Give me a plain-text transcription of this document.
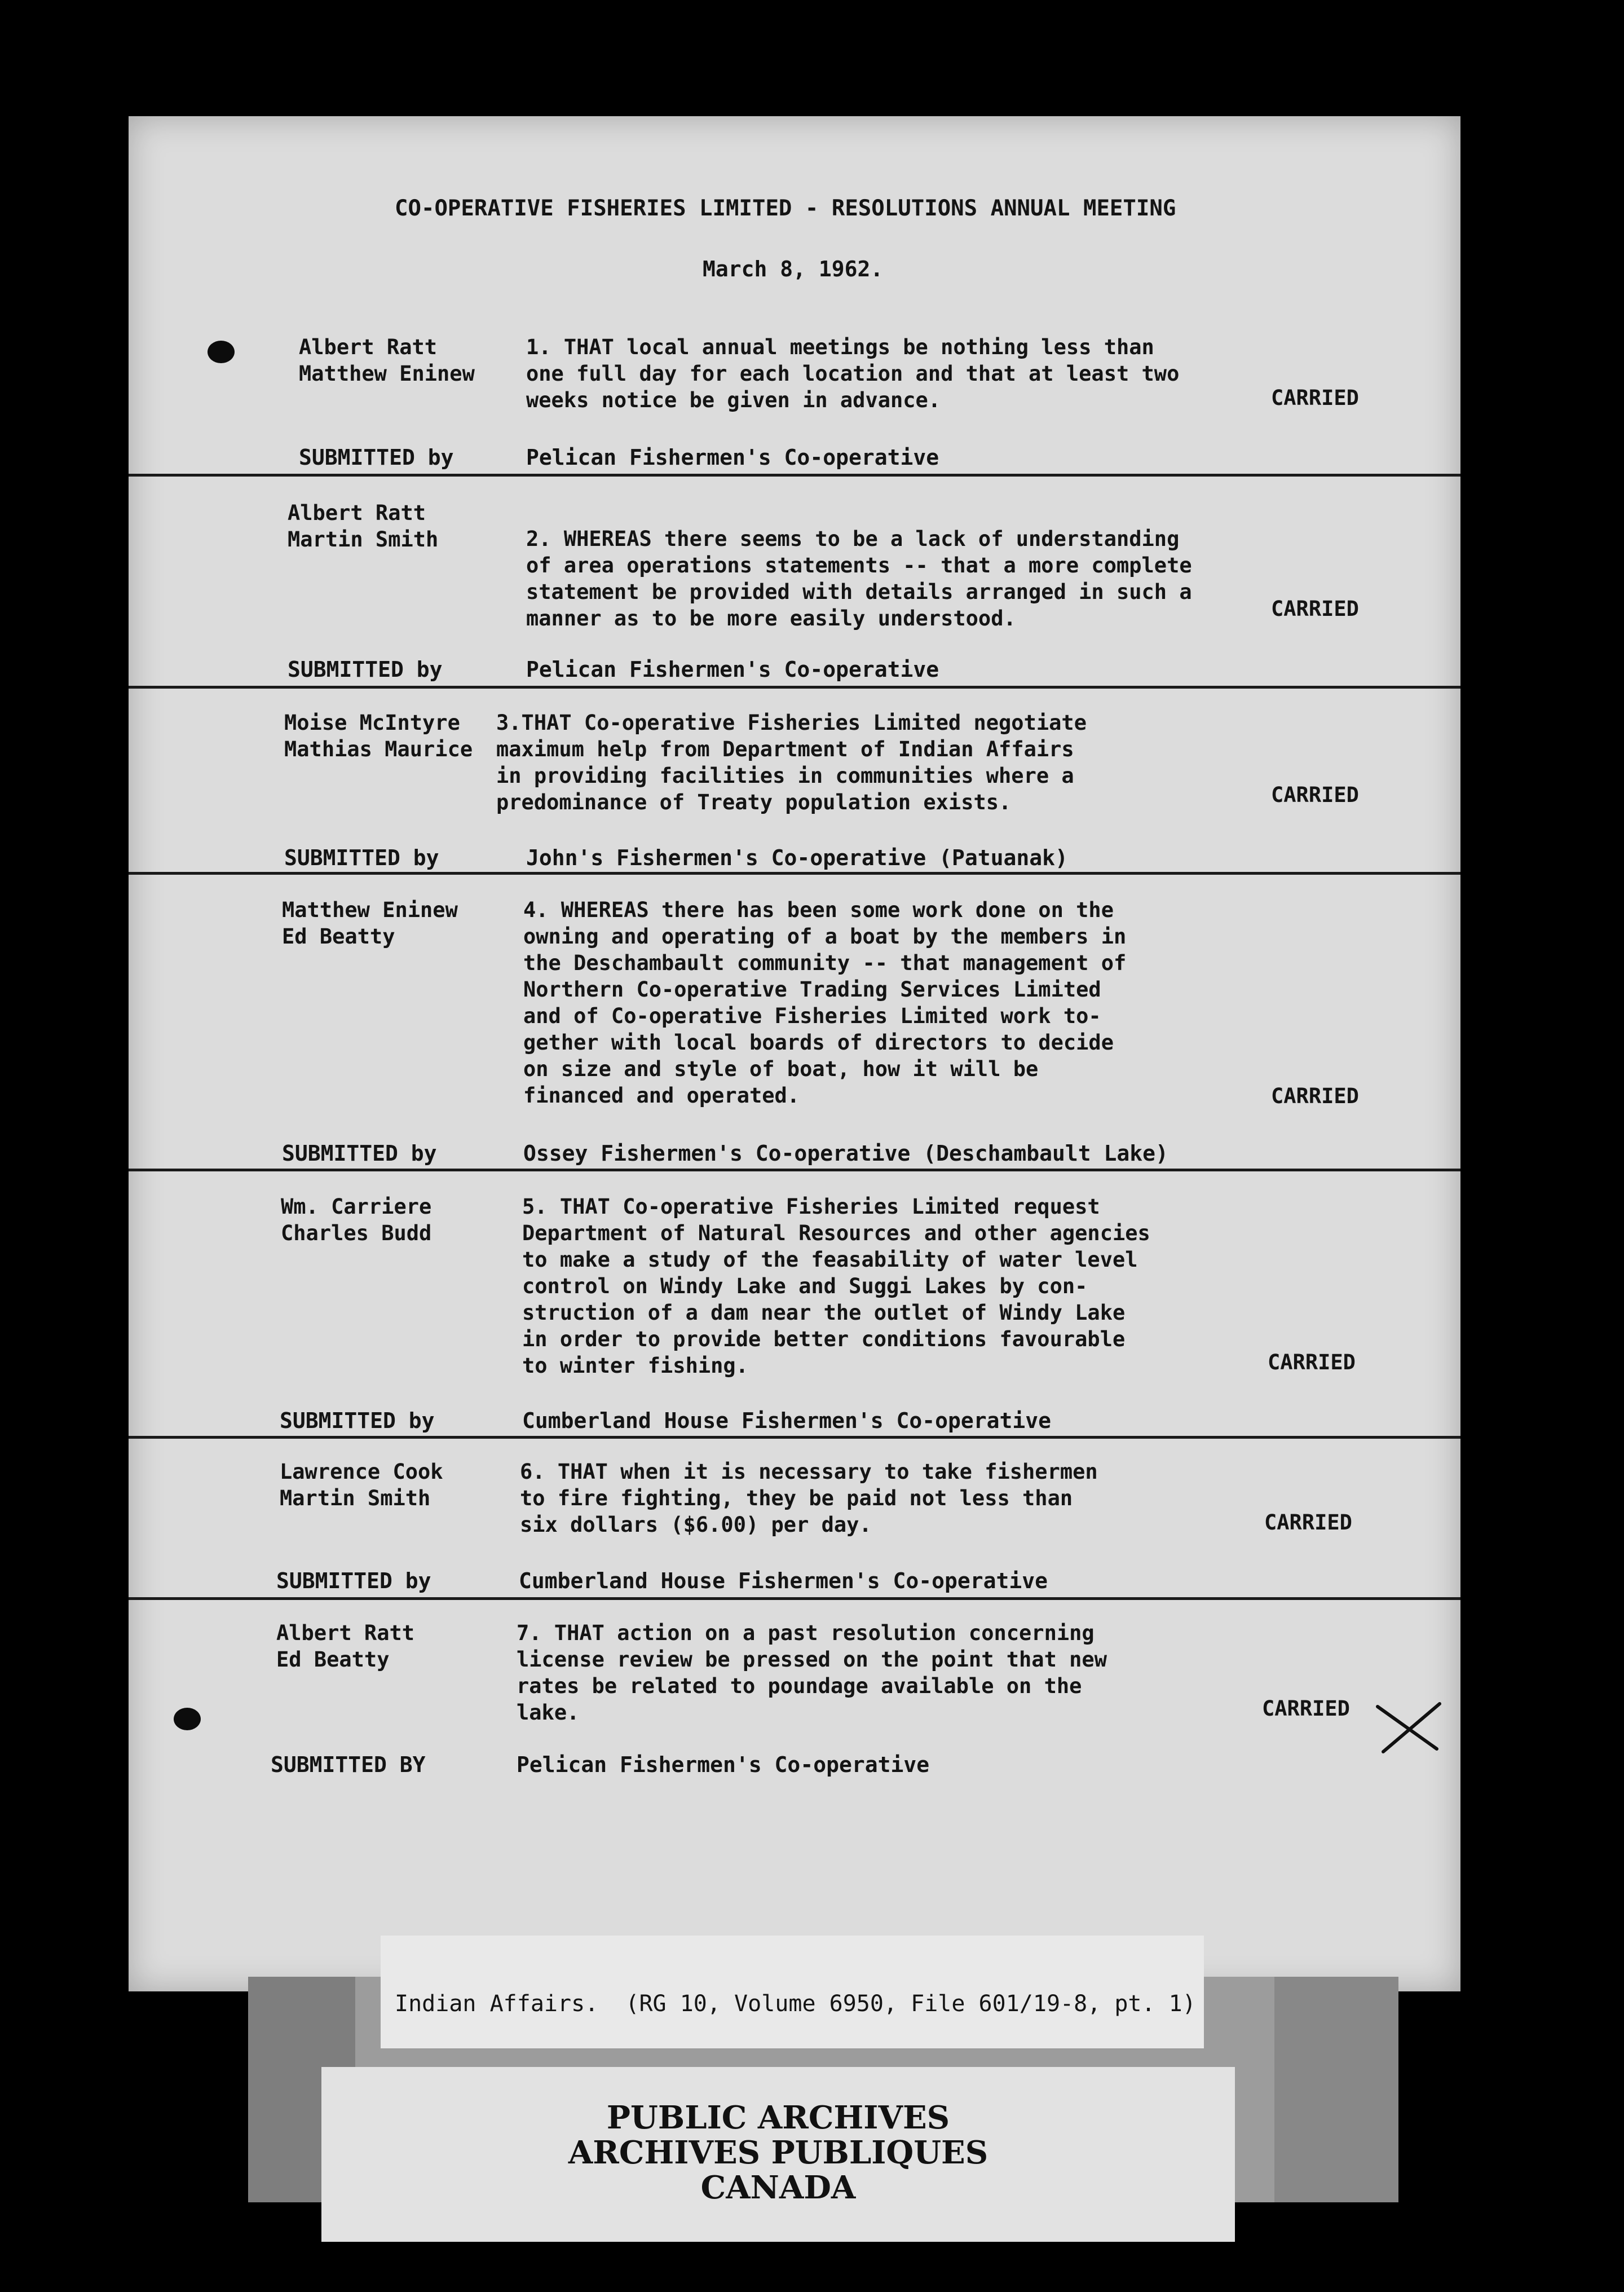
CO-OPERATIVE FISHERIES LIMITED - RESOLUTIONS ANNUAL MEETING
March 8, 1962.
Albert Ratt
Matthew Eninew
1. THAT local annual meetings be nothing less than
one full day for each location and that at least two
weeks notice be given in advance.	CARRIED
SUBMITTED by	Pelican Fishermen's Co-operative
Albert Ratt
Martin Smith	2. WHEREAS there seems to be a lack of understanding
of area operations statements -- that a more complete
statement be provided with details arranged in such a
manner as to be more easily understood.	CARRIED
SUBMITTED by	Pelican Fishermen's Co-operative
Moise McIntyre
Mathias Maurice
3.THAT Co-operative Fisheries Limited negotiate
maximum help from Department of Indian Affairs
in providing facilities in communities where a
predominance of Treaty population exists.	CARRIED
SUBMITTED by	John's Fishermen's Co-operative (Patuanak)
Matthew Eninew
Ed Beatty
4. WHEREAS there has been some work done on the
owning and operating of a boat by the members in
the Deschambault community -- that management of
Northern Co-operative Trading Services Limited
and of Co-operative Fisheries Limited work to-
gether with local boards of directors to decide
on size and style of boat, how it will be
financed and operated.	CARRIED
SUBMITTED by	Ossey Fishermen's Co-operative (Deschambault Lake)
Wm. Carriere
Charles Budd
5. THAT Co-operative Fisheries Limited request
Department of Natural Resources and other agencies
to make a study of the feasability of water level
control on Windy Lake and Suggi Lakes by con-
struction of a dam near the outlet of Windy Lake
in order to provide better conditions favourable
to winter fishing.	CARRIED
SUBMITTED by	Cumberland House Fishermen's Co-operative
Lawrence Cook
Martin Smith
6. THAT when it is necessary to take fishermen
to fire fighting, they be paid not less than
six dollars ($6.00) per day.	CARRIED
SUBMITTED by	Cumberland House Fishermen's Co-operative
Albert Ratt
Ed Beatty
7. THAT action on a past resolution concerning
license review be pressed on the point that new
rates be related to poundage available on the
lake.	CARRIED
SUBMITTED BY	Pelican Fishermen's Co-operative
Indian Affairs.  (RG 10, Volume 6950, File 601/19-8, pt. 1)
PUBLIC ARCHIVES
ARCHIVES PUBLIQUES
CANADA
